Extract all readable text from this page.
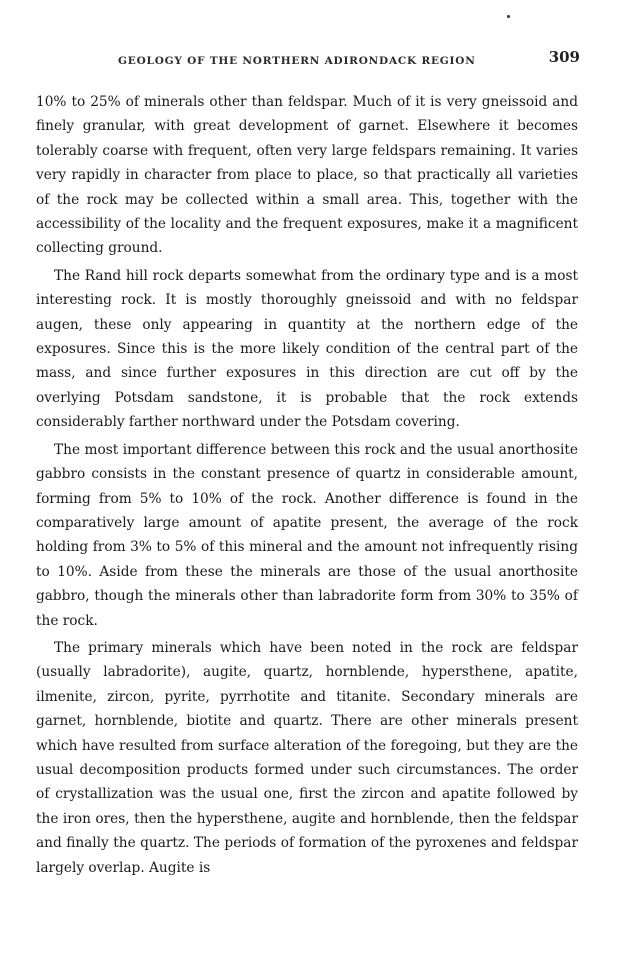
GEOLOGY OF THE NORTHERN ADIRONDACK REGION	309

10% to 25% of minerals other than feldspar. Much of it is very gneissoid and finely granular, with great development of garnet. Elsewhere it becomes tolerably coarse with frequent, often very large feldspars remaining. It varies very rapidly in character from place to place, so that practically all varieties of the rock may be collected within a small area. This, together with the accessibility of the locality and the frequent exposures, make it a magnificent collecting ground.

The Rand hill rock departs somewhat from the ordinary type and is a most interesting rock. It is mostly thoroughly gneissoid and with no feldspar augen, these only appearing in quantity at the northern edge of the exposures. Since this is the more likely condition of the central part of the mass, and since further exposures in this direction are cut off by the overlying Potsdam sandstone, it is probable that the rock extends considerably farther northward under the Potsdam covering.

The most important difference between this rock and the usual anorthosite gabbro consists in the constant presence of quartz in considerable amount, forming from 5% to 10% of the rock. Another difference is found in the comparatively large amount of apatite present, the average of the rock holding from 3% to 5% of this mineral and the amount not infrequently rising to 10%. Aside from these the minerals are those of the usual anorthosite gabbro, though the minerals other than labradorite form from 30% to 35% of the rock.

The primary minerals which have been noted in the rock are feldspar (usually labradorite), augite, quartz, hornblende, hypersthene, apatite, ilmenite, zircon, pyrite, pyrrhotite and titanite. Secondary minerals are garnet, hornblende, biotite and quartz. There are other minerals present which have resulted from surface alteration of the foregoing, but they are the usual decomposition products formed under such circumstances. The order of crystallization was the usual one, first the zircon and apatite followed by the iron ores, then the hypersthene, augite and hornblende, then the feldspar and finally the quartz. The periods of formation of the pyroxenes and feldspar largely overlap. Augite is
